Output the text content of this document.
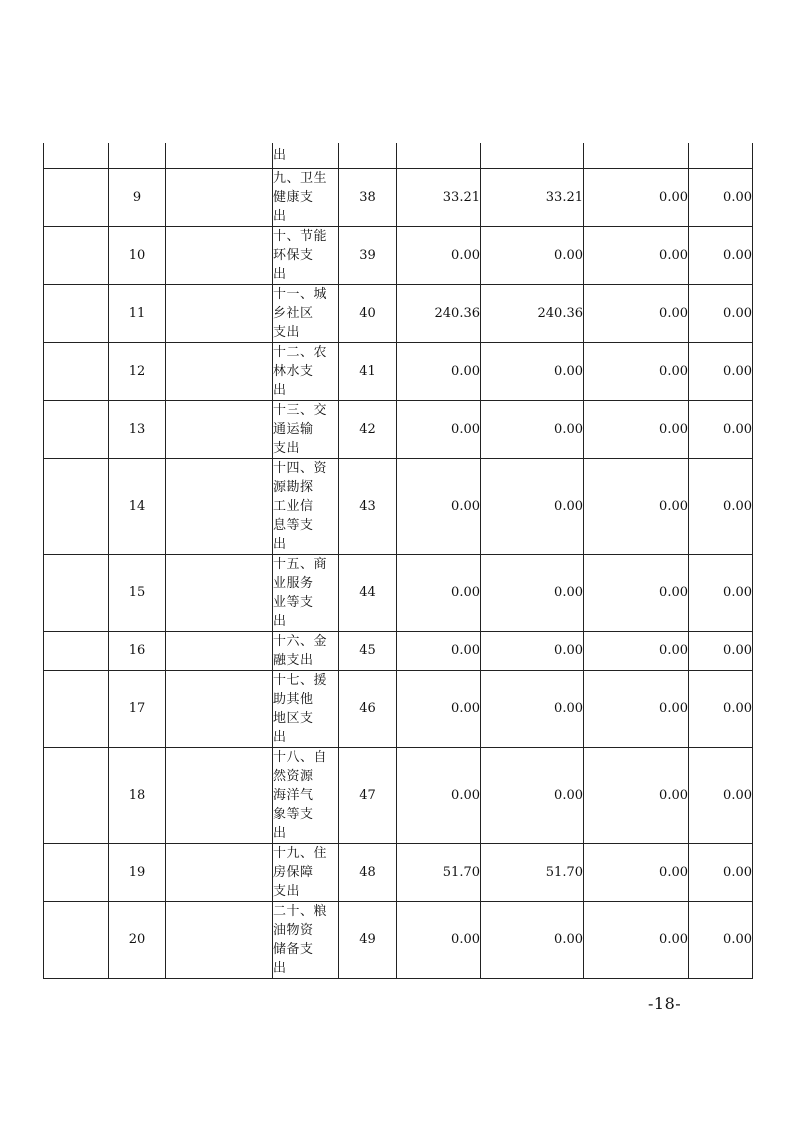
			出					

	9		九、卫生
健康支
出	38	33.21	33.21	0.00	0.00
	10		十、节能
环保支
出	39	0.00	0.00	0.00	0.00
	11		十一、城
乡社区
支出	40	240.36	240.36	0.00	0.00
	12		十二、农
林水支
出	41	0.00	0.00	0.00	0.00
	13		十三、交
通运输
支出	42	0.00	0.00	0.00	0.00
	14		十四、资
源勘探
工业信
息等支
出	43	0.00	0.00	0.00	0.00
	15		十五、商
业服务
业等支
出	44	0.00	0.00	0.00	0.00
	16		十六、金
融支出	45	0.00	0.00	0.00	0.00
	17		十七、援
助其他
地区支
出	46	0.00	0.00	0.00	0.00
	18		十八、自
然资源
海洋气
象等支
出	47	0.00	0.00	0.00	0.00
	19		十九、住
房保障
支出	48	51.70	51.70	0.00	0.00
	20		二十、粮
油物资
储备支
出	49	0.00	0.00	0.00	0.00
-18-
